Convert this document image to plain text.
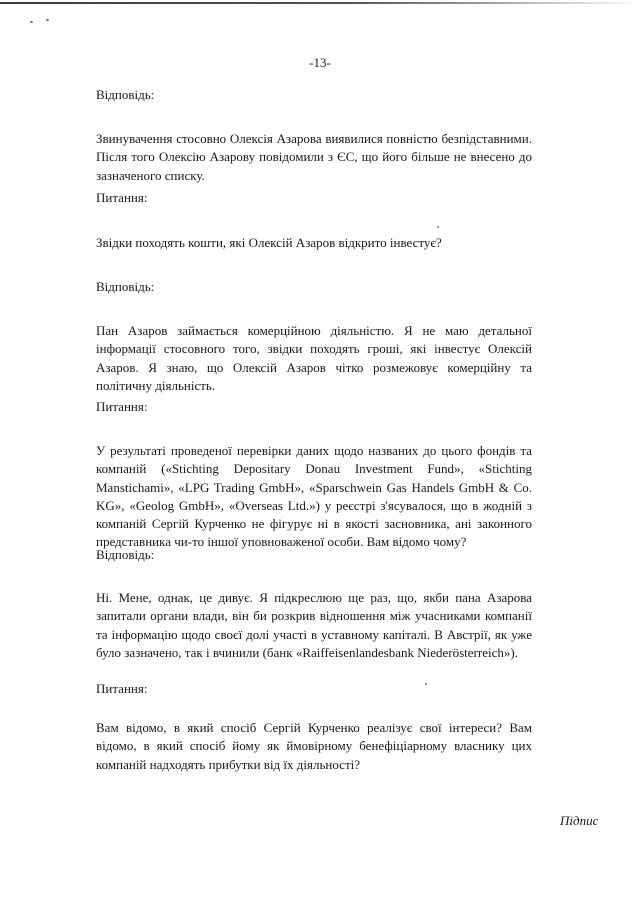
-13-
Відповідь:
Звинувачення стосовно Олексія Азарова виявилися повністю безпідставними. Після того Олексію Азарову повідомили з ЄС, що його більше не внесено до зазначеного списку.
Питання:
Звідки походять кошти, які Олексій Азаров відкрито інвестує?
Відповідь:
Пан Азаров займається комерційною діяльністю. Я не маю детальної інформації стосовного того, звідки походять гроші, які інвестує Олексій Азаров. Я знаю, що Олексій Азаров чітко розмежовує комерційну та політичну діяльність.
Питання:
У результаті проведеної перевірки даних щодо названих до цього фондів та компаній («Stichting Depositary Donau Investment Fund», «Stichting Manstichami», «LPG Trading GmbH», «Sparschwein Gas Handels GmbH & Co. KG», «Geolog GmbH», «Overseas Ltd.») у реєстрі з'ясувалося, що в жодній з компаній Сергій Курченко не фігурує ні в якості засновника, ані законного представника чи-то іншої уповноваженої особи. Вам відомо чому?
Відповідь:
Ні. Мене, однак, це дивує. Я підкреслюю ще раз, що, якби пана Азарова запитали органи влади, він би розкрив відношення між учасниками компанії та інформацію щодо своєї долі участі в уставному капіталі. В Австрії, як уже було зазначено, так і вчинили (банк «Raiffeisenlandesbank Niederösterreich»).
Питання:
Вам відомо, в який спосіб Сергій Курченко реалізує свої інтереси? Вам відомо, в який спосіб йому як ймовірному бенефіціарному власнику цих компаній надходять прибутки від їх діяльності?
Підпис
